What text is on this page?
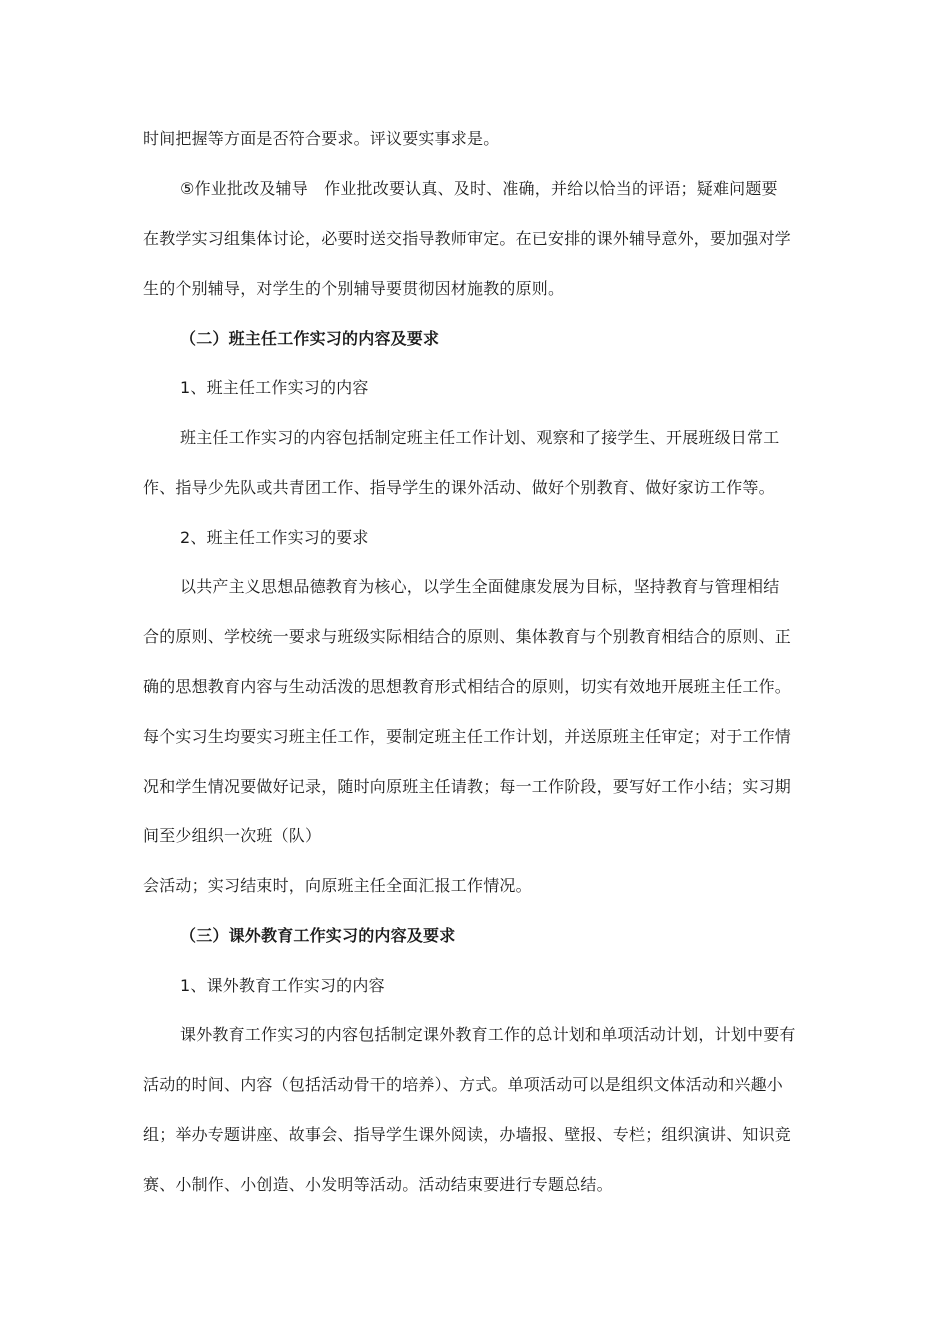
时间把握等方面是否符合要求。评议要实事求是。
⑤作业批改及辅导　作业批改要认真、及时、准确，并给以恰当的评语；疑难问题要
在教学实习组集体讨论，必要时送交指导教师审定。在已安排的课外辅导意外，要加强对学
生的个别辅导，对学生的个别辅导要贯彻因材施教的原则。
（二）班主任工作实习的内容及要求
1、班主任工作实习的内容
班主任工作实习的内容包括制定班主任工作计划、观察和了接学生、开展班级日常工
作、指导少先队或共青团工作、指导学生的课外活动、做好个别教育、做好家访工作等。
2、班主任工作实习的要求
以共产主义思想品德教育为核心，以学生全面健康发展为目标，坚持教育与管理相结
合的原则、学校统一要求与班级实际相结合的原则、集体教育与个别教育相结合的原则、正
确的思想教育内容与生动活泼的思想教育形式相结合的原则，切实有效地开展班主任工作。
每个实习生均要实习班主任工作，要制定班主任工作计划，并送原班主任审定；对于工作情
况和学生情况要做好记录，随时向原班主任请教；每一工作阶段，要写好工作小结；实习期
间至少组织一次班（队）
会活动；实习结束时，向原班主任全面汇报工作情况。
（三）课外教育工作实习的内容及要求
1、课外教育工作实习的内容
课外教育工作实习的内容包括制定课外教育工作的总计划和单项活动计划，计划中要有
活动的时间、内容（包括活动骨干的培养）、方式。单项活动可以是组织文体活动和兴趣小
组；举办专题讲座、故事会、指导学生课外阅读，办墙报、壁报、专栏；组织演讲、知识竞
赛、小制作、小创造、小发明等活动。活动结束要进行专题总结。
